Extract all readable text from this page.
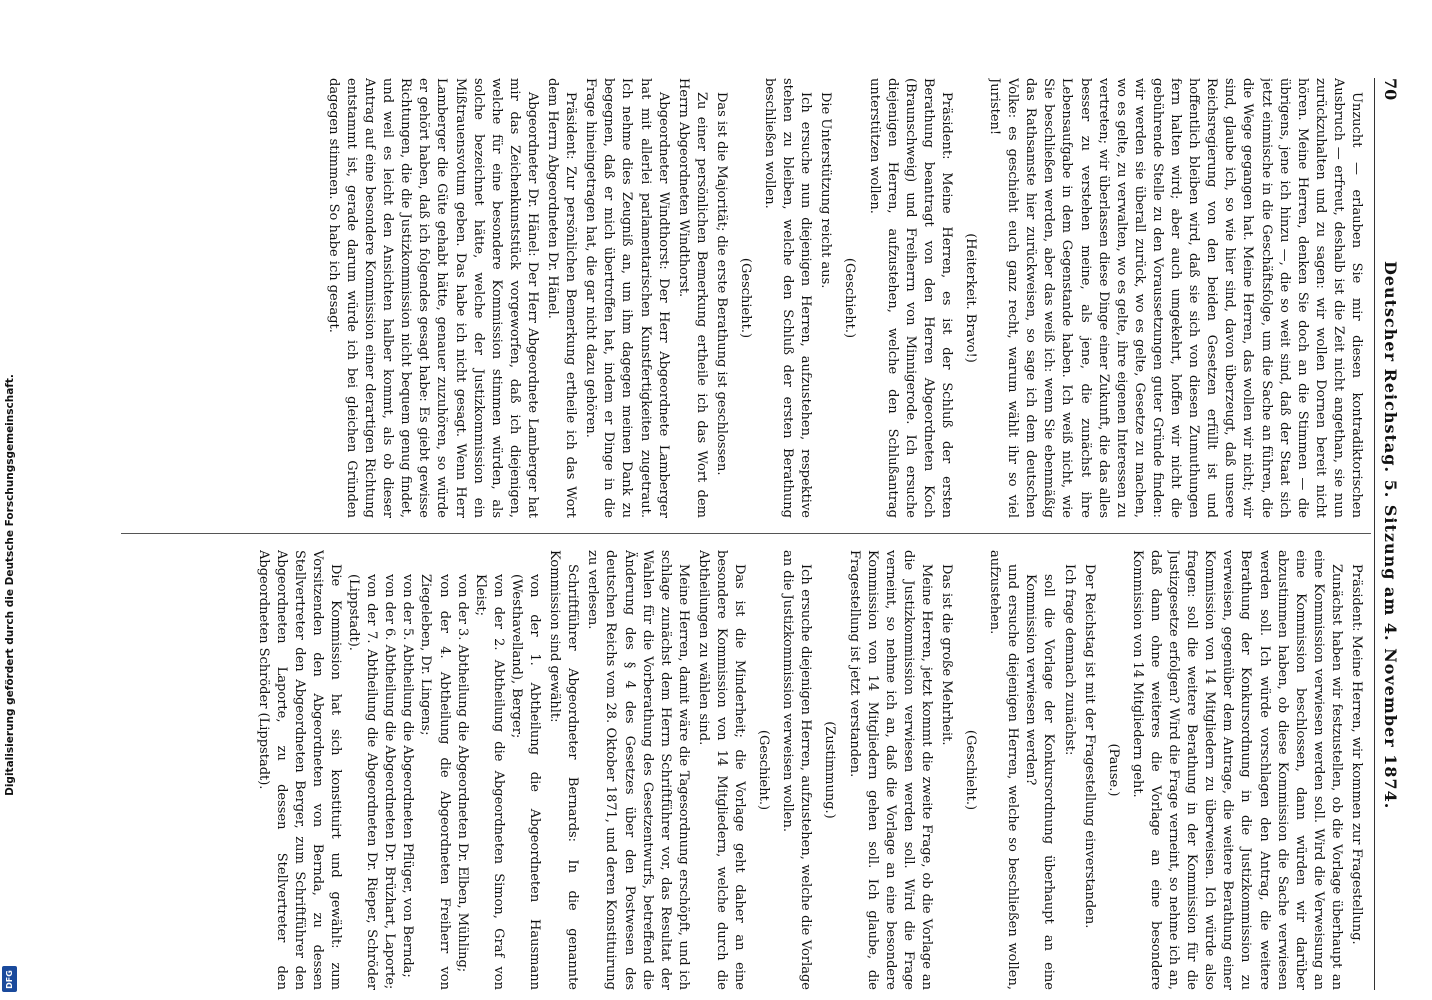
Digitalisierung gefördert durch die Deutsche Forschungsgemeinschaft.
DFG
70
Deutscher Reichstag. 5. Sitzung am 4. November 1874.

Unzucht — erlauben Sie mir diesen kontradiktorischen Ausbruch — erfreut, deshalb ist die Zeit nicht angethan, sie nun zurückzuhalten und zu sagen: wir wollen Dornen bereit nicht hören. Meine Herren, denken Sie doch an die Stimmen — die übrigens, jene ich hinzu —, die so weit sind, daß der Staat sich jetzt einmische in die Geschäftsfolge, um die Sache an führen, die die Wege gegangen hat. Meine Herren, das wollen wir nicht; wir sind, glaube ich, so wie hier sind, davon überzeugt, daß unsere Reichsregierung von den beiden Gesetzen erfüllt ist und hoffentlich bleiben wird, daß sie sich von diesen Zumuthungen fern halten wird; aber auch umgekehrt, hoffen wir nicht die gebührende Stelle zu den Voraussetzungen guter Gründe finden: wir werden sie überall zurück, wo es gelte, Gesetze zu machen, wo es gelte, zu verwalten, wo es gelte, ihre eigenen Interessen zu vertreten; wir überlassen diese Dinge einer Zukunft, die das alles besser zu verstehen meine, als jene, die zunächst ihre Lebensaufgabe in dem Gegenstande haben. Ich weiß nicht, wie Sie beschließen werden, aber das weiß ich: wenn Sie ebenmäßig das Rathsamste hier zurückweisen, so sage ich dem deutschen Volke: es geschieht euch ganz recht, warum wählt ihr so viel Juristen!

(Heiterkeit. Bravo!)

Präsident: Meine Herren, es ist der Schluß der ersten Berathung beantragt von den Herren Abgeordneten Koch (Braunschweig) und Freiherrn von Minnigerode. Ich ersuche diejenigen Herren, aufzustehen, welche den Schlußantrag unterstützen wollen.

(Geschieht.)

Die Unterstützung reicht aus.

Ich ersuche nun diejenigen Herren, aufzustehen, respektive stehen zu bleiben, welche den Schluß der ersten Berathung beschließen wollen.

(Geschieht.)

Das ist die Majorität; die erste Berathung ist geschlossen.

Zu einer persönlichen Bemerkung ertheile ich das Wort dem Herrn Abgeordneten Windthorst.

Abgeordneter Windthorst: Der Herr Abgeordnete Lamberger hat mit allerlei parlamentarischen Kunstfertigkeiten zugetraut. Ich nehme dies Zeugniß an, um ihm dagegen meinen Dank zu begegnen, daß er mich übertroffen hat, indem er Dinge in die Frage hineingetragen hat, die gar nicht dazu gehören.

Präsident: Zur persönlichen Bemerkung ertheile ich das Wort dem Herrn Abgeordneten Dr. Hänel.

Abgeordneter Dr. Hänel: Der Herr Abgeordnete Lamberger hat mir das Zeichenkunststück vorgeworfen, daß ich diejenigen, welche für eine besondere Kommission stimmen würden, als solche bezeichnet hätte, welche der Justizkommission ein Mißtrauensvotum geben. Das habe ich nicht gesagt. Wenn Herr Lamberger die Güte gehabt hätte, genauer zuzuhören, so würde er gehört haben, daß ich folgendes gesagt habe: Es giebt gewisse Richtungen, die die Justizkommission nicht bequem genug findet, und weil es leicht den Ansichten halber kommt, als ob dieser Antrag auf eine besondere Kommission einer derartigen Richtung entstammt ist, gerade darum würde ich bei gleichen Gründen dagegen stimmen. So habe ich gesagt.

Präsident: Meine Herren, wir kommen zur Fragestellung.

Zunächst haben wir festzustellen, ob die Vorlage überhaupt an eine Kommission verwiesen werden soll. Wird die Verweisung an eine Kommission beschlossen, dann würden wir darüber abzustimmen haben, ob diese Kommission die Sache verwiesen werden soll. Ich würde vorschlagen den Antrag, die weitere Berathung der Konkursordnung in die Justizkommission zu verweisen, gegenüber dem Antrage, die weitere Berathung einer Kommission von 14 Mitgliedern zu überweisen. Ich würde also fragen: soll die weitere Berathung in der Kommission für die Justizgesetze erfolgen? Wird die Frage verneint, so nehme ich an, daß dann ohne weiteres die Vorlage an eine besondere Kommission von 14 Mitgliedern geht.

(Pause.)

Der Reichstag ist mit der Fragestellung einverstanden.

Ich frage demnach zunächst:

soll die Vorlage der Konkursordnung überhaupt an eine Kommission verwiesen werden?

und ersuche diejenigen Herren, welche so beschließen wollen, aufzustehen.

(Geschieht.)

Das ist die große Mehrheit.

Meine Herren, jetzt kommt die zweite Frage, ob die Vorlage an die Justizkommission verwiesen werden soll. Wird die Frage verneint, so nehme ich an, daß die Vorlage an eine besondere Kommission von 14 Mitgliedern gehen soll. Ich glaube, die Fragestellung ist jetzt verstanden.

(Zustimmung.)

Ich ersuche diejenigen Herren, aufzustehen, welche die Vorlage an die Justizkommission verweisen wollen.

(Geschieht.)

Das ist die Minderheit; die Vorlage geht daher an eine besondere Kommission von 14 Mitgliedern, welche durch die Abtheilungen zu wählen sind.

Meine Herren, damit wäre die Tagesordnung erschöpft, und ich schlage zunächst dem Herrn Schriftführer vor, das Resultat der Wahlen für die Vorberathung des Gesetzentwurfs, betreffend die Änderung des § 4 des Gesetzes über den Postwesen des deutschen Reichs vom 28. Oktober 1871, und deren Konstituirung zu verlesen.

Schriftführer Abgeordneter Bernards: In die genannte Kommission sind gewählt:

von der 1. Abtheilung die Abgeordneten Hausmann (Westhavelland), Berger;

von der 2. Abtheilung die Abgeordneten Simon, Graf von Kleist;

von der 3. Abtheilung die Abgeordneten Dr. Elben, Mühling;

von der 4. Abtheilung die Abgeordneten Freiherr von Ziegeleben, Dr. Lingens;

von der 5. Abtheilung die Abgeordneten Pflüger, von Bernda;

von der 6. Abtheilung die Abgeordneten Dr. Brüzhart, Laporte;

von der 7. Abtheilung die Abgeordneten Dr. Rieper, Schröder (Lippstadt).

Die Kommission hat sich konstituirt und gewählt: zum Vorsitzenden den Abgeordneten von Bernda, zu dessen Stellvertreter den Abgeordneten Berger, zum Schriftführer den Abgeordneten Laporte, zu dessen Stellvertreter den Abgeordneten Schröder (Lippstadt).
